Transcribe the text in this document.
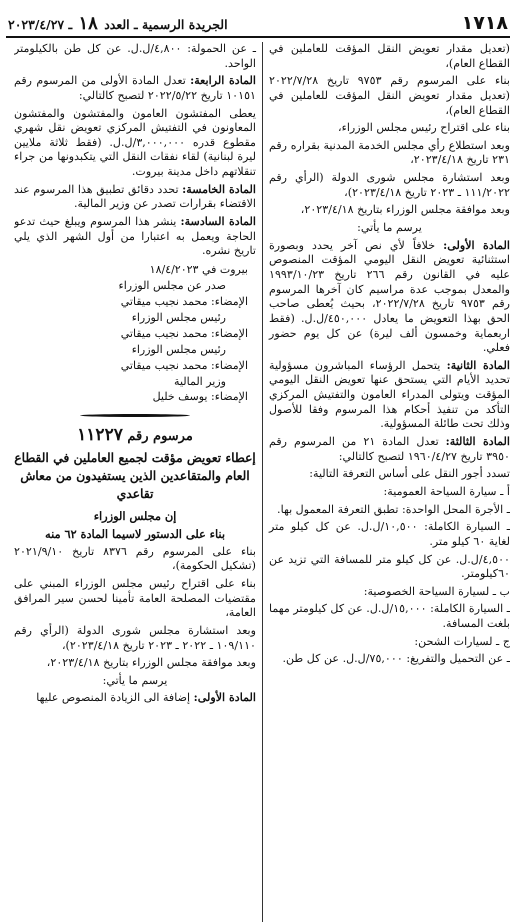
١٧١٨
الجريدة الرسمية ـ العدد ١٨ ـ ٢٠٢٣/٤/٢٧

(تعديل مقدار تعويض النقل المؤقت للعاملين في القطاع العام)،

بناء على المرسوم رقم ٩٧٥٣ تاريخ ٢٠٢٢/٧/٢٨ (تعديل مقدار تعويض النقل المؤقت للعاملين في القطاع العام)،

بناء على اقتراح رئيس مجلس الوزراء،

وبعد استطلاع رأي مجلس الخدمة المدنية بقراره رقم ٢٣١ تاريخ ٢٠٢٣/٤/١٨،

وبعد استشارة مجلس شورى الدولة (الرأي رقم ١١١/٢٠٢٢ ـ ٢٠٢٣ تاريخ ٢٠٢٣/٤/١٨)،

وبعد موافقة مجلس الوزراء بتاريخ ٢٠٢٣/٤/١٨،

يرسم ما يأتي:

المادة الأولى: خلافاً لأي نص آخر يحدد وبصورة استثنائية تعويض النقل اليومي المؤقت المنصوص عليه في القانون رقم ٢٦٦ تاريخ ١٩٩٣/١٠/٢٣ والمعدل بموجب عدة مراسيم كان آخرها المرسوم رقم ٩٧٥٣ تاريخ ٢٠٢٢/٧/٢٨، بحيث يُعطى صاحب الحق بهذا التعويض ما يعادل ٤٥٠,٠٠٠/ل.ل. (فقط اربعماية وخمسون ألف ليرة) عن كل يوم حضور فعلي.

المادة الثانية: يتحمل الرؤساء المباشرون مسؤولية تحديد الأيام التي يستحق عنها تعويض النقل اليومي المؤقت ويتولى المدراء العامون والتفتيش المركزي التأكد من تنفيذ أحكام هذا المرسوم وفقا للأصول وذلك تحت طائلة المسؤولية.

المادة الثالثة: تعدل المادة ٢١ من المرسوم رقم ٣٩٥٠ تاريخ ١٩٦٠/٤/٢٧ لتصبح كالتالي:

تسدد أجور النقل على أساس التعرفة التالية:

أ ـ سيارة السياحة العمومية:

ـ الأجرة المحل الواحدة: تطبق التعرفة المعمول بها.

ـ السيارة الكاملة: ١٠,٥٠٠/ل.ل. عن كل كيلو متر لغاية ٦٠ كيلو متر.

٤,٥٠٠/ل.ل. عن كل كيلو متر للمسافة التي تزيد عن ٦٠كيلومتر.

ب ـ لسيارة السياحة الخصوصية:

ـ السيارة الكاملة: ١٥,٠٠٠/ل.ل. عن كل كيلومتر مهما بلغت المسافة.

ج ـ لسيارات الشحن:

ـ عن التحميل والتفريغ: ٧٥,٠٠٠/ل.ل. عن كل طن.

ـ عن الحمولة: ٤,٨٠٠/ل.ل. عن كل طن بالكيلومتر الواحد.

المادة الرابعة: تعدل المادة الأولى من المرسوم رقم ١٠١٥١ تاريخ ٢٠٢٢/٥/٢٢ لتصبح كالتالي:

يعطى المفتشون العامون والمفتشون والمفتشون المعاونون في التفتيش المركزي تعويض نقل شهري مقطوع قدره ٣,٠٠٠,٠٠٠/ل.ل. (فقط ثلاثة ملايين ليرة لبنانية) لقاء نفقات النقل التي يتكبدونها من جراء تنقلاتهم داخل مدينة بيروت.

المادة الخامسة: تحدد دقائق تطبيق هذا المرسوم عند الاقتضاء بقرارات تصدر عن وزير المالية.

المادة السادسة: ينشر هذا المرسوم ويبلغ حيث تدعو الحاجة ويعمل به اعتبارا من أول الشهر الذي يلي تاريخ نشره.

بيروت في ١٨/٤/٢٠٢٣

صدر عن مجلس الوزراء

الإمضاء: محمد نجيب ميقاتي

رئيس مجلس الوزراء

الإمضاء: محمد نجيب ميقاتي

رئيس مجلس الوزراء

الإمضاء: محمد نجيب ميقاتي

وزير المالية

الإمضاء: يوسف خليل

مرسوم رقم ١١٢٢٧
إعطاء تعويض مؤقت لجميع العاملين في القطاع العام والمتقاعدين الذين يستفيدون من معاش تقاعدي

إن مجلس الوزراء

بناء على الدستور لاسيما المادة ٦٢ منه

بناء على المرسوم رقم ٨٣٧٦ تاريخ ٢٠٢١/٩/١٠ (تشكيل الحكومة)،

بناء على اقتراح رئيس مجلس الوزراء المبني على مقتضيات المصلحة العامة تأمينا لحسن سير المرافق العامة،

وبعد استشارة مجلس شورى الدولة (الرأي رقم ١٠٩/١١٠ ـ ٢٠٢٢ ـ ٢٠٢٣ تاريخ ٢٠٢٣/٤/١٨)،

وبعد موافقة مجلس الوزراء بتاريخ ٢٠٢٣/٤/١٨،

يرسم ما يأتي:

المادة الأولى: إضافة الى الزيادة المنصوص عليها
